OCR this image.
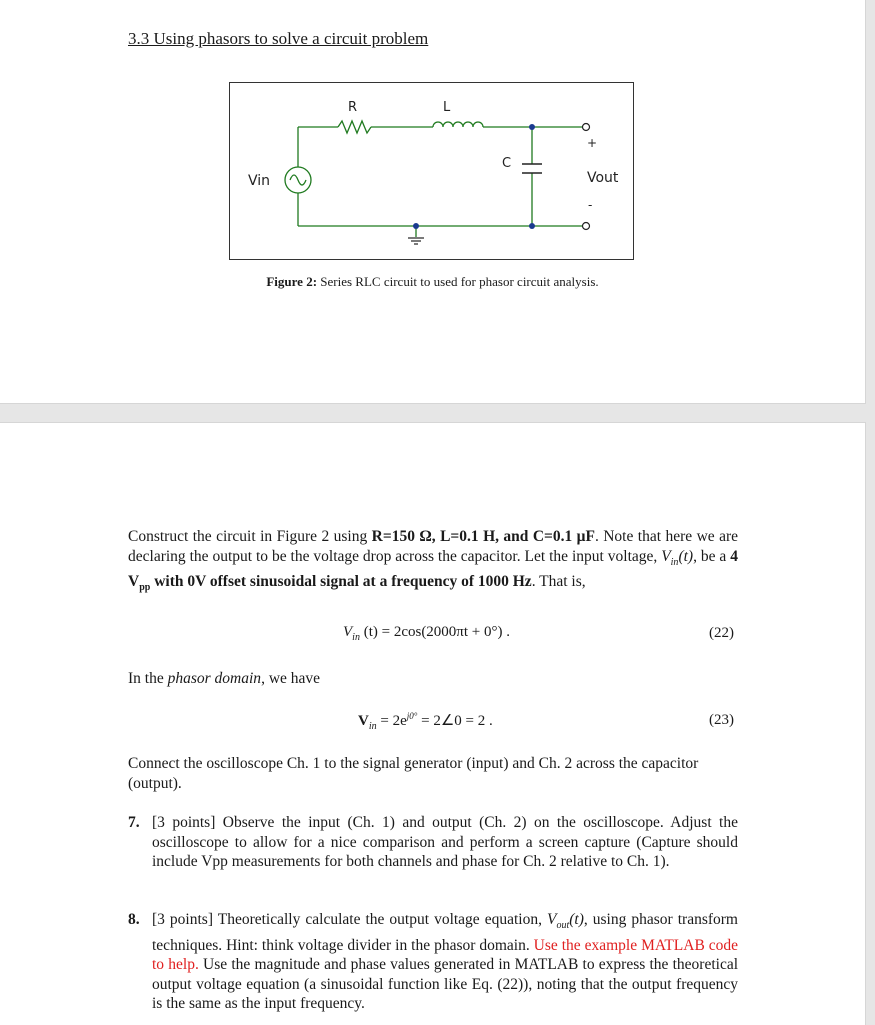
3.3 Using phasors to solve a circuit problem
R	L
C
Vin	Vout
+
-
Figure 2: Series RLC circuit to used for phasor circuit analysis.
Construct the circuit in Figure 2 using R=150 Ω, L=0.1 H, and C=0.1 μF. Note that here we are declaring the output to be the voltage drop across the capacitor. Let the input voltage, $V_{in}(t)$, be a 4 $V_{pp}$ with 0V offset sinusoidal signal at a frequency of 1000 Hz. That is,
$V_{in}$ (t) = 2cos(2000πt + 0°) .	(22)
In the phasor domain, we have
$V_{in} = 2e^{j0^\circ}$ = 2∠0 = 2 .	(23)
Connect the oscilloscope Ch. 1 to the signal generator (input) and Ch. 2 across the capacitor (output).
7. [3 points] Observe the input (Ch. 1) and output (Ch. 2) on the oscilloscope. Adjust the oscilloscope to allow for a nice comparison and perform a screen capture (Capture should include Vpp measurements for both channels and phase for Ch. 2 relative to Ch. 1).
8. [3 points] Theoretically calculate the output voltage equation, $V_{out}(t)$, using phasor transform techniques. Hint: think voltage divider in the phasor domain. Use the example MATLAB code to help. Use the magnitude and phase values generated in MATLAB to express the theoretical output voltage equation (a sinusoidal function like Eq. (22)), noting that the output frequency is the same as the input frequency.
